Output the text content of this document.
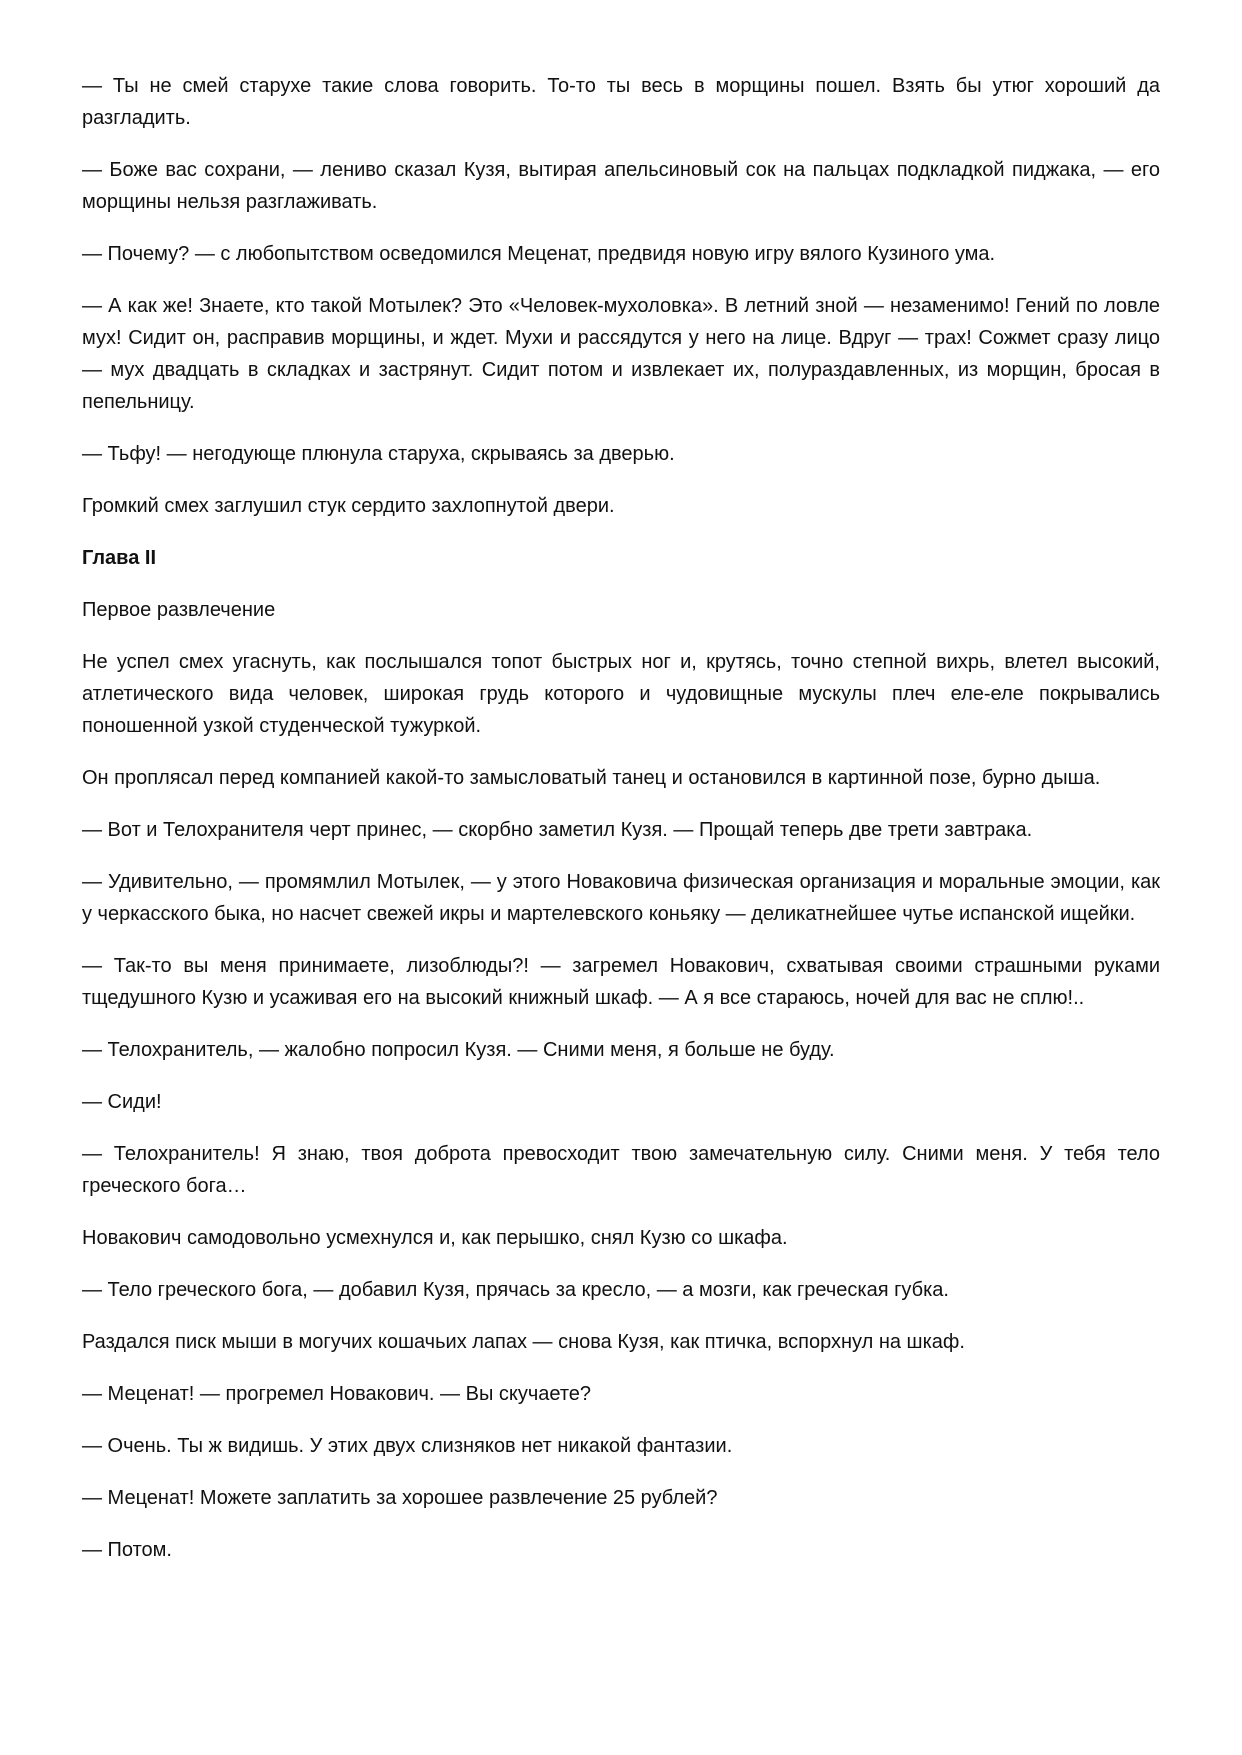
— Ты не смей старухе такие слова говорить. То-то ты весь в морщины пошел. Взять бы утюг хороший да разгладить.

— Боже вас сохрани, — лениво сказал Кузя, вытирая апельсиновый сок на пальцах подкладкой пиджака, — его морщины нельзя разглаживать.

— Почему? — с любопытством осведомился Меценат, предвидя новую игру вялого Кузиного ума.

— А как же! Знаете, кто такой Мотылек? Это «Человек-мухоловка». В летний зной — незаменимо! Гений по ловле мух! Сидит он, расправив морщины, и ждет. Мухи и рассядутся у него на лице. Вдруг — трах! Сожмет сразу лицо — мух двадцать в складках и застрянут. Сидит потом и извлекает их, полураздавленных, из морщин, бросая в пепельницу.

— Тьфу! — негодующе плюнула старуха, скрываясь за дверью.

Громкий смех заглушил стук сердито захлопнутой двери.

Глава II

Первое развлечение

Не успел смех угаснуть, как послышался топот быстрых ног и, крутясь, точно степной вихрь, влетел высокий, атлетического вида человек, широкая грудь которого и чудовищные мускулы плеч еле-еле покрывались поношенной узкой студенческой тужуркой.

Он проплясал перед компанией какой-то замысловатый танец и остановился в картинной позе, бурно дыша.

— Вот и Телохранителя черт принес, — скорбно заметил Кузя. — Прощай теперь две трети завтрака.

— Удивительно, — промямлил Мотылек, — у этого Новаковича физическая организация и моральные эмоции, как у черкасского быка, но насчет свежей икры и мартелевского коньяку — деликатнейшее чутье испанской ищейки.

— Так-то вы меня принимаете, лизоблюды?! — загремел Новакович, схватывая своими страшными руками тщедушного Кузю и усаживая его на высокий книжный шкаф. — А я все стараюсь, ночей для вас не сплю!..

— Телохранитель, — жалобно попросил Кузя. — Сними меня, я больше не буду.

— Сиди!

— Телохранитель! Я знаю, твоя доброта превосходит твою замечательную силу. Сними меня. У тебя тело греческого бога…

Новакович самодовольно усмехнулся и, как перышко, снял Кузю со шкафа.

— Тело греческого бога, — добавил Кузя, прячась за кресло, — а мозги, как греческая губка.

Раздался писк мыши в могучих кошачьих лапах — снова Кузя, как птичка, вспорхнул на шкаф.

— Меценат! — прогремел Новакович. — Вы скучаете?

— Очень. Ты ж видишь. У этих двух слизняков нет никакой фантазии.

— Меценат! Можете заплатить за хорошее развлечение 25 рублей?

— Потом.
